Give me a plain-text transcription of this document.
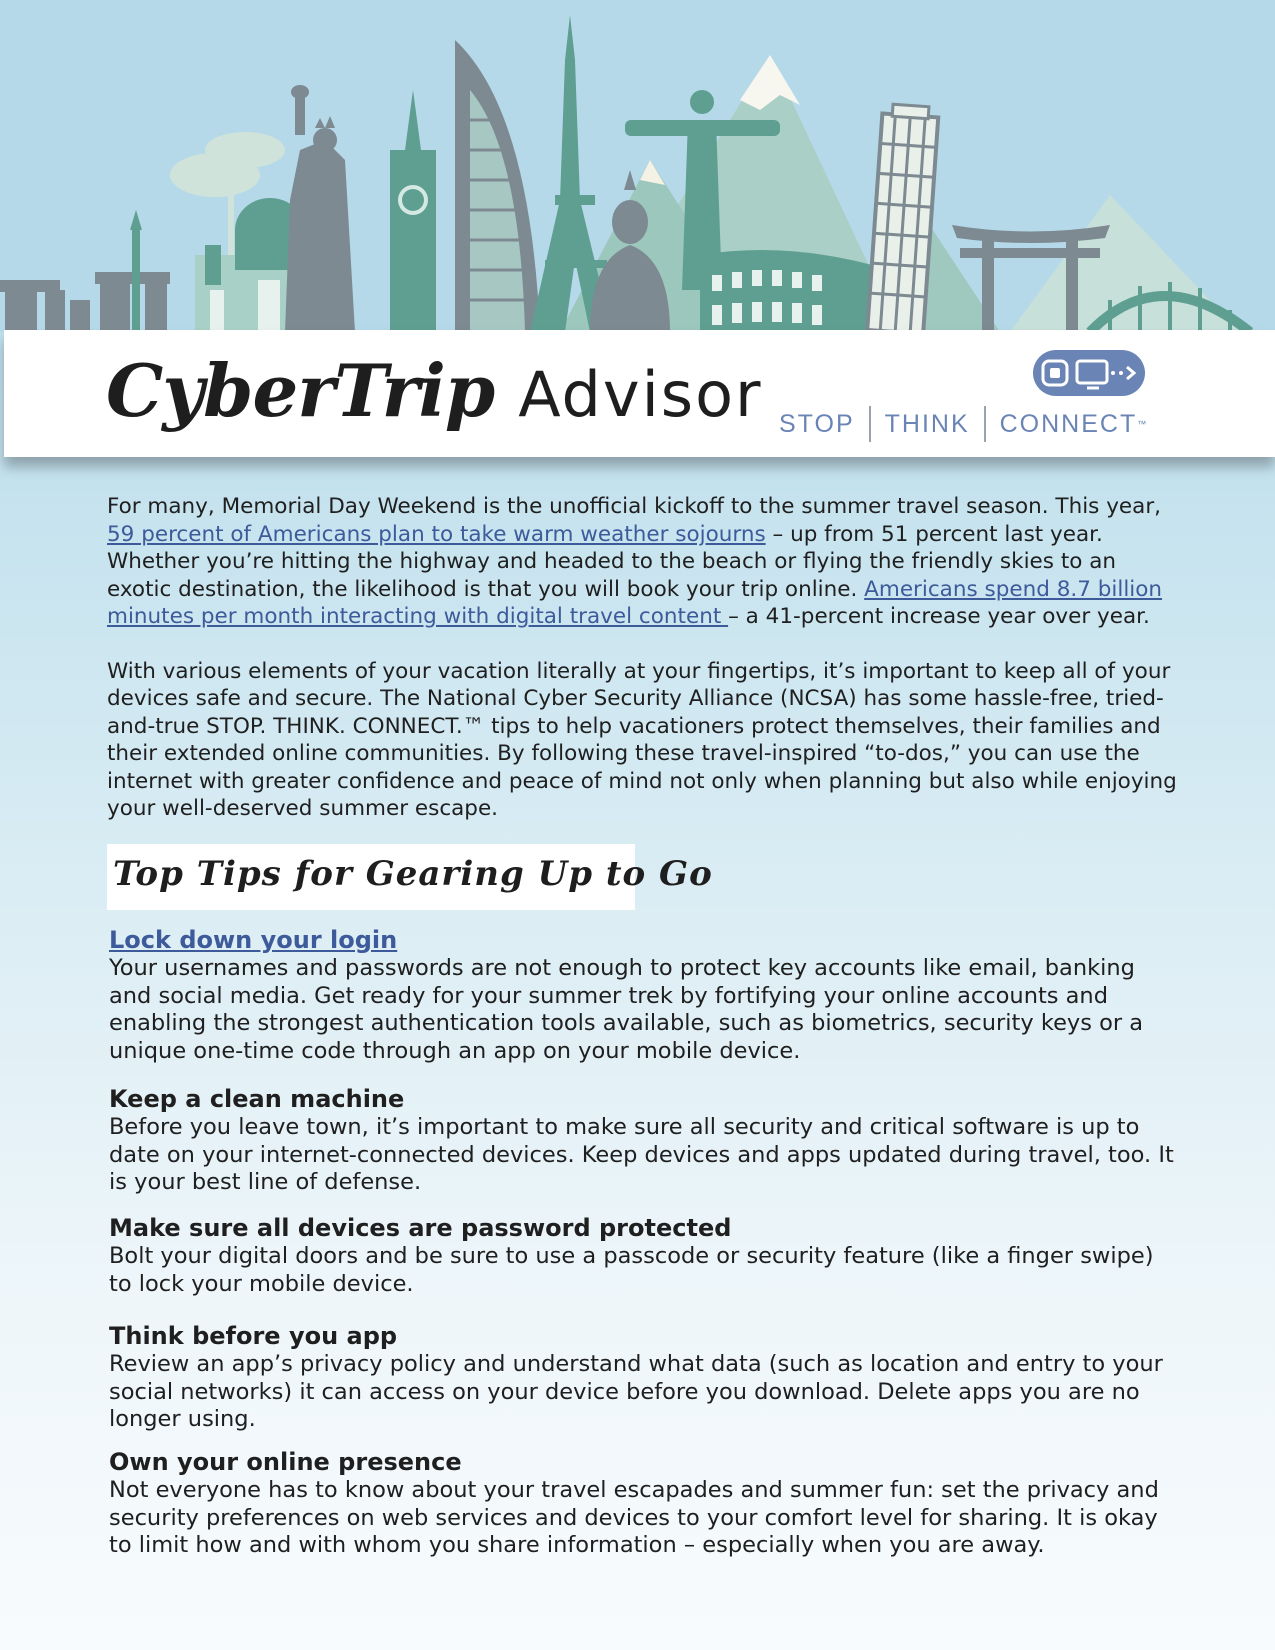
CyberTrip Advisor STOP THINK CONNECT ™

For many, Memorial Day Weekend is the unofficial kickoff to the summer travel season. This year, 59 percent of Americans plan to take warm weather sojourns – up from 51 percent last year. Whether you’re hitting the highway and headed to the beach or flying the friendly skies to an exotic destination, the likelihood is that you will book your trip online. Americans spend 8.7 billion minutes per month interacting with digital travel content – a 41-percent increase year over year.

With various elements of your vacation literally at your fingertips, it’s important to keep all of your devices safe and secure. The National Cyber Security Alliance (NCSA) has some hassle-free, tried-and-true STOP. THINK. CONNECT.™ tips to help vacationers protect themselves, their families and their extended online communities. By following these travel-inspired “to-dos,” you can use the internet with greater confidence and peace of mind not only when planning but also while enjoying your well-deserved summer escape.

Top Tips for Gearing Up to Go
Lock down your login

Your usernames and passwords are not enough to protect key accounts like email, banking and social media. Get ready for your summer trek by fortifying your online accounts and enabling the strongest authentication tools available, such as biometrics, security keys or a unique one-time code through an app on your mobile device.

Keep a clean machine

Before you leave town, it’s important to make sure all security and critical software is up to date on your internet-connected devices. Keep devices and apps updated during travel, too. It is your best line of defense.

Make sure all devices are password protected

Bolt your digital doors and be sure to use a passcode or security feature (like a finger swipe) to lock your mobile device.

Think before you app

Review an app’s privacy policy and understand what data (such as location and entry to your social networks) it can access on your device before you download. Delete apps you are no longer using.

Own your online presence

Not everyone has to know about your travel escapades and summer fun: set the privacy and security preferences on web services and devices to your comfort level for sharing. It is okay to limit how and with whom you share information – especially when you are away.
